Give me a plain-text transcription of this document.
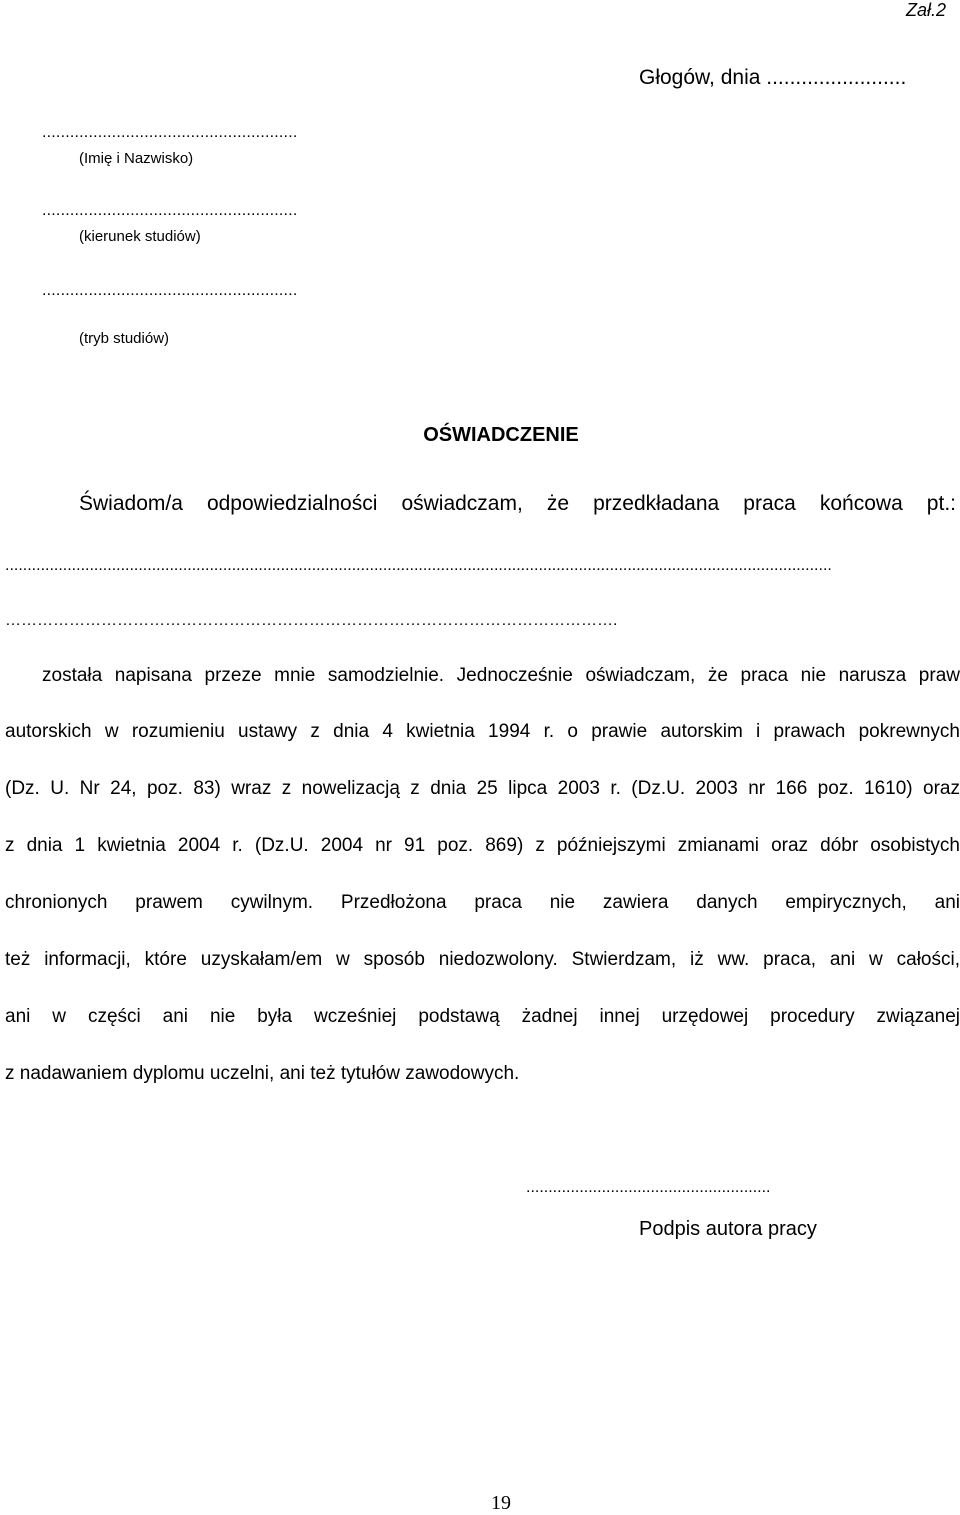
Zał.2
Głogów, dnia ........................
.......................................................
(Imię i Nazwisko)
.......................................................
(kierunek studiów)
.......................................................
(tryb studiów)
OŚWIADCZENIE
Świadom/a odpowiedzialności oświadczam, że przedkładana praca końcowa pt.:
..........................................................................................................................................................................................
…………………………………………………………………………………………………….
została napisana przeze mnie samodzielnie. Jednocześnie oświadczam, że praca nie narusza praw
autorskich w rozumieniu ustawy z dnia 4 kwietnia 1994 r. o prawie autorskim i prawach pokrewnych
(Dz. U. Nr 24, poz. 83) wraz z nowelizacją z dnia 25 lipca 2003 r. (Dz.U. 2003 nr 166 poz. 1610) oraz
z dnia 1 kwietnia 2004 r. (Dz.U. 2004 nr 91 poz. 869) z późniejszymi zmianami oraz dóbr osobistych
chronionych prawem cywilnym. Przedłożona praca nie zawiera danych empirycznych, ani
też informacji, które uzyskałam/em w sposób niedozwolony. Stwierdzam, iż ww. praca, ani w całości,
ani w części ani nie była wcześniej podstawą żadnej innej urzędowej procedury związanej
z nadawaniem dyplomu uczelni, ani też tytułów zawodowych.
.......................................................
Podpis autora pracy
19
